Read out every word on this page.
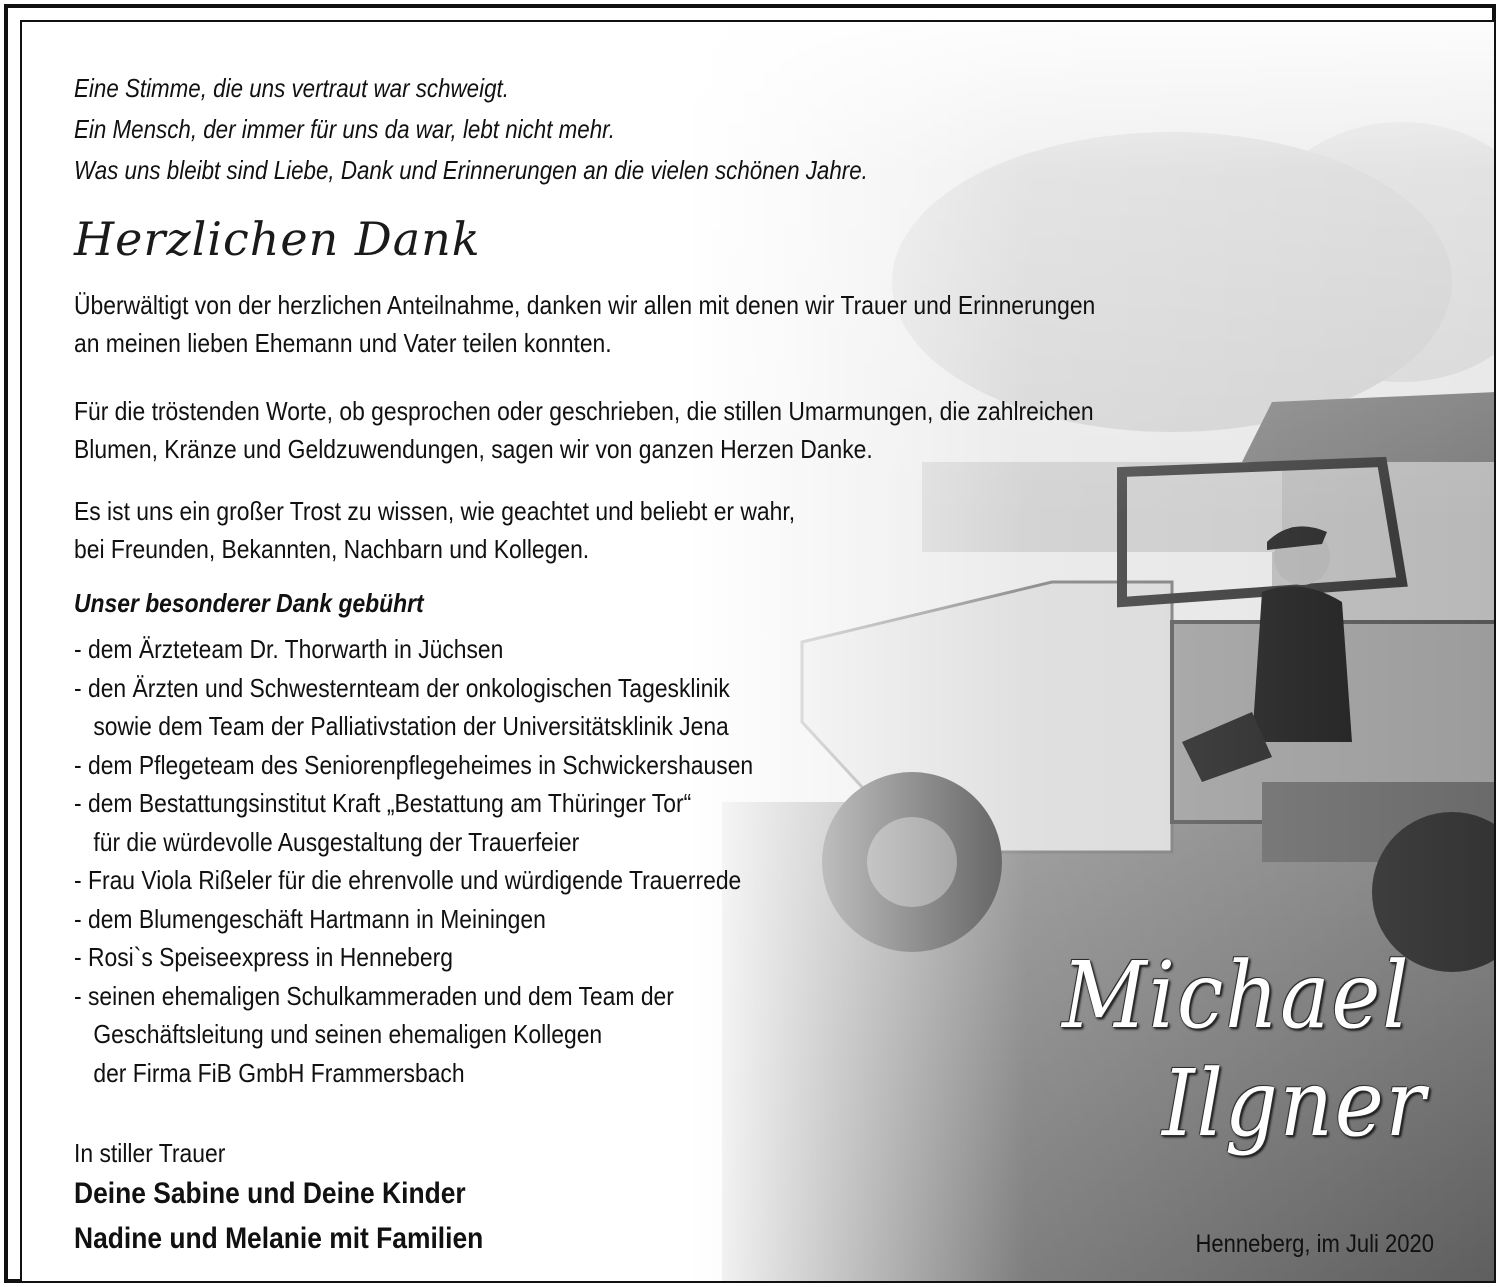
Eine Stimme, die uns vertraut war schweigt.
Ein Mensch, der immer für uns da war, lebt nicht mehr.
Was uns bleibt sind Liebe, Dank und Erinnerungen an die vielen schönen Jahre.
Herzlichen Dank
Überwältigt von der herzlichen Anteilnahme, danken wir allen mit denen wir Trauer und Erinnerungen
an meinen lieben Ehemann und Vater teilen konnten.
Für die tröstenden Worte, ob gesprochen oder geschrieben, die stillen Umarmungen, die zahlreichen
Blumen, Kränze und Geldzuwendungen, sagen wir von ganzen Herzen Danke.
Es ist uns ein großer Trost zu wissen, wie geachtet und beliebt er wahr,
bei Freunden, Bekannten, Nachbarn und Kollegen.
Unser besonderer Dank gebührt
- dem Ärzteteam Dr. Thorwarth in Jüchsen
- den Ärzten und Schwesternteam der onkologischen Tagesklinik
sowie dem Team der Palliativstation der Universitätsklinik Jena
- dem Pflegeteam des Seniorenpflegeheimes in Schwickershausen
- dem Bestattungsinstitut Kraft „Bestattung am Thüringer Tor“
für die würdevolle Ausgestaltung der Trauerfeier
- Frau Viola Rißeler für die ehrenvolle und würdigende Trauerrede
- dem Blumengeschäft Hartmann in Meiningen
- Rosi`s Speiseexpress in Henneberg
- seinen ehemaligen Schulkammeraden und dem Team der
Geschäftsleitung und seinen ehemaligen Kollegen
der Firma FiB GmbH Frammersbach
In stiller Trauer
Deine Sabine und Deine Kinder
Nadine und Melanie mit Familien
Michael
Ilgner
Henneberg, im Juli 2020
